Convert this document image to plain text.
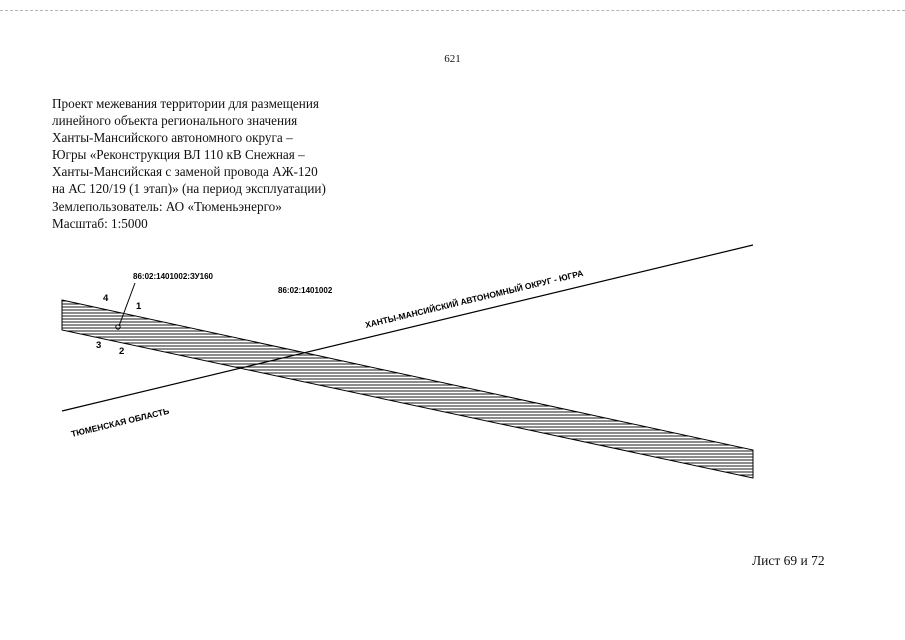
621
Проект межевания территории для размещения
линейного объекта регионального значения
Ханты-Мансийского автономного округа –
Югры «Реконструкция ВЛ 110 кВ Снежная –
Ханты-Мансийская с заменой провода АЖ-120
на АС 120/19 (1 этап)» (на период эксплуатации)
Землепользователь: АО «Тюменьэнерго»
Масштаб: 1:5000
86:02:1401002:ЗУ160
86:02:1401002
1
2
3
4	ХАНТЫ-МАНСИЙСКИЙ АВТОНОМНЫЙ ОКРУГ - ЮГРА
ТЮМЕНСКАЯ ОБЛАСТЬ
Лист 69 и 72
